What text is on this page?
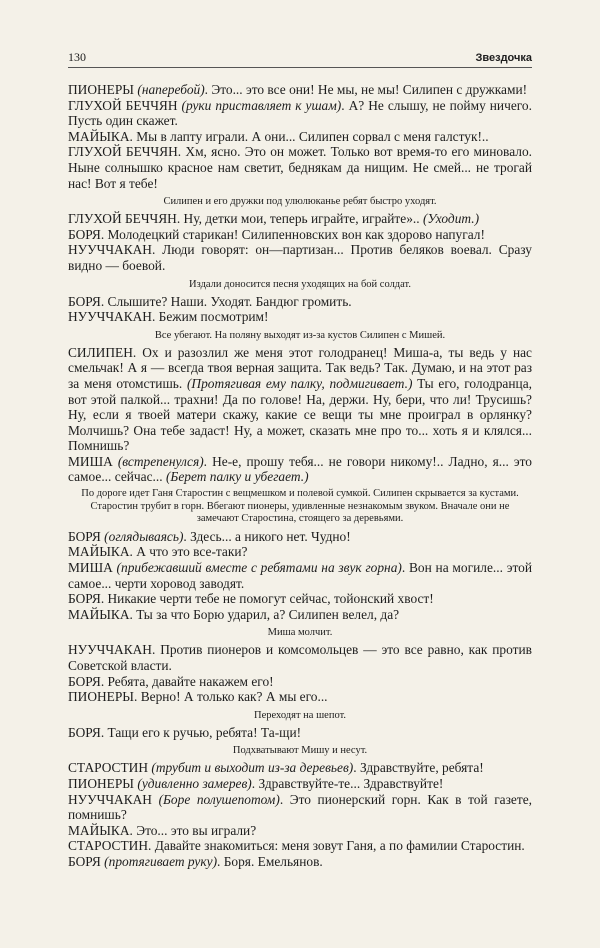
130	Звездочка

ПИОНЕРЫ (наперебой). Это... это все они! Не мы, не мы! Силипен с дружками!

ГЛУХОЙ БЕЧЧЯН (руки приставляет к ушам). А? Не слышу, не пойму ничего. Пусть один скажет.

МАЙЫКА. Мы в лапту играли. А они... Силипен сорвал с меня галстук!..

ГЛУХОЙ БЕЧЧЯН. Хм, ясно. Это он может. Только вот время-то его миновало. Ныне солнышко красное нам светит, беднякам да нищим. Не смей... не трогай нас! Вот я тебе!

Силипен и его дружки под улюлюканье ребят быстро уходят.

ГЛУХОЙ БЕЧЧЯН. Ну, детки мои, теперь играйте, играйте».. (Уходит.)

БОРЯ. Молодецкий старикан! Силипенновских вон как здорово напугал!

НУУЧЧАКАН. Люди говорят: он—партизан... Против беляков воевал. Сразу видно — боевой.

Издали доносится песня уходящих на бой солдат.

БОРЯ. Слышите? Наши. Уходят. Бандюг громить.

НУУЧЧАКАН. Бежим посмотрим!

Все убегают. На поляну выходят из-за кустов Силипен с Мишей.

СИЛИПЕН. Ох и разозлил же меня этот голодранец! Миша-а, ты ведь у нас смельчак! А я — всегда твоя верная защита. Так ведь? Так. Думаю, и на этот раз за меня отомстишь. (Протягивая ему палку, подмигивает.) Ты его, голодранца, вот этой палкой... трахни! Да по голове! На, держи. Ну, бери, что ли! Трусишь? Ну, если я твоей матери скажу, какие се вещи ты мне проиграл в орлянку? Молчишь? Она тебе задаст! Ну, а может, сказать мне про то... хоть я и клялся... Помнишь?

МИША (встрепенулся). Не-е, прошу тебя... не говори никому!.. Ладно, я... это самое... сейчас... (Берет палку и убегает.)

По дороге идет Ганя Старостин с вещмешком и полевой сумкой. Силипен скрывается за кустами. Старостин трубит в горн. Вбегают пионеры, удивленные незнакомым звуком. Вначале они не замечают Старостина, стоящего за деревьями.

БОРЯ (оглядываясь). Здесь... а никого нет. Чудно!

МАЙЫКА. А что это все-таки?

МИША (прибежавший вместе с ребятами на звук горна). Вон на могиле... этой самое... черти хоровод заводят.

БОРЯ. Никакие черти тебе не помогут сейчас, тойонский хвост!

МАЙЫКА. Ты за что Борю ударил, а? Силипен велел, да?

Миша молчит.

НУУЧЧАКАН. Против пионеров и комсомольцев — это все равно, как против Советской власти.

БОРЯ. Ребята, давайте накажем его!

ПИОНЕРЫ. Верно! А только как? А мы его...

Переходят на шепот.

БОРЯ. Тащи его к ручью, ребята! Та-щи!

Подхватывают Мишу и несут.

СТАРОСТИН (трубит и выходит из-за деревьев). Здравствуйте, ребята!

ПИОНЕРЫ (удивленно замерев). Здравствуйте-те... Здравствуйте!

НУУЧЧАКАН (Боре полушепотом). Это пионерский горн. Как в той газете, помнишь?

МАЙЫКА. Это... это вы играли?

СТАРОСТИН. Давайте знакомиться: меня зовут Ганя, а по фамилии Старостин.

БОРЯ (протягивает руку). Боря. Емельянов.
